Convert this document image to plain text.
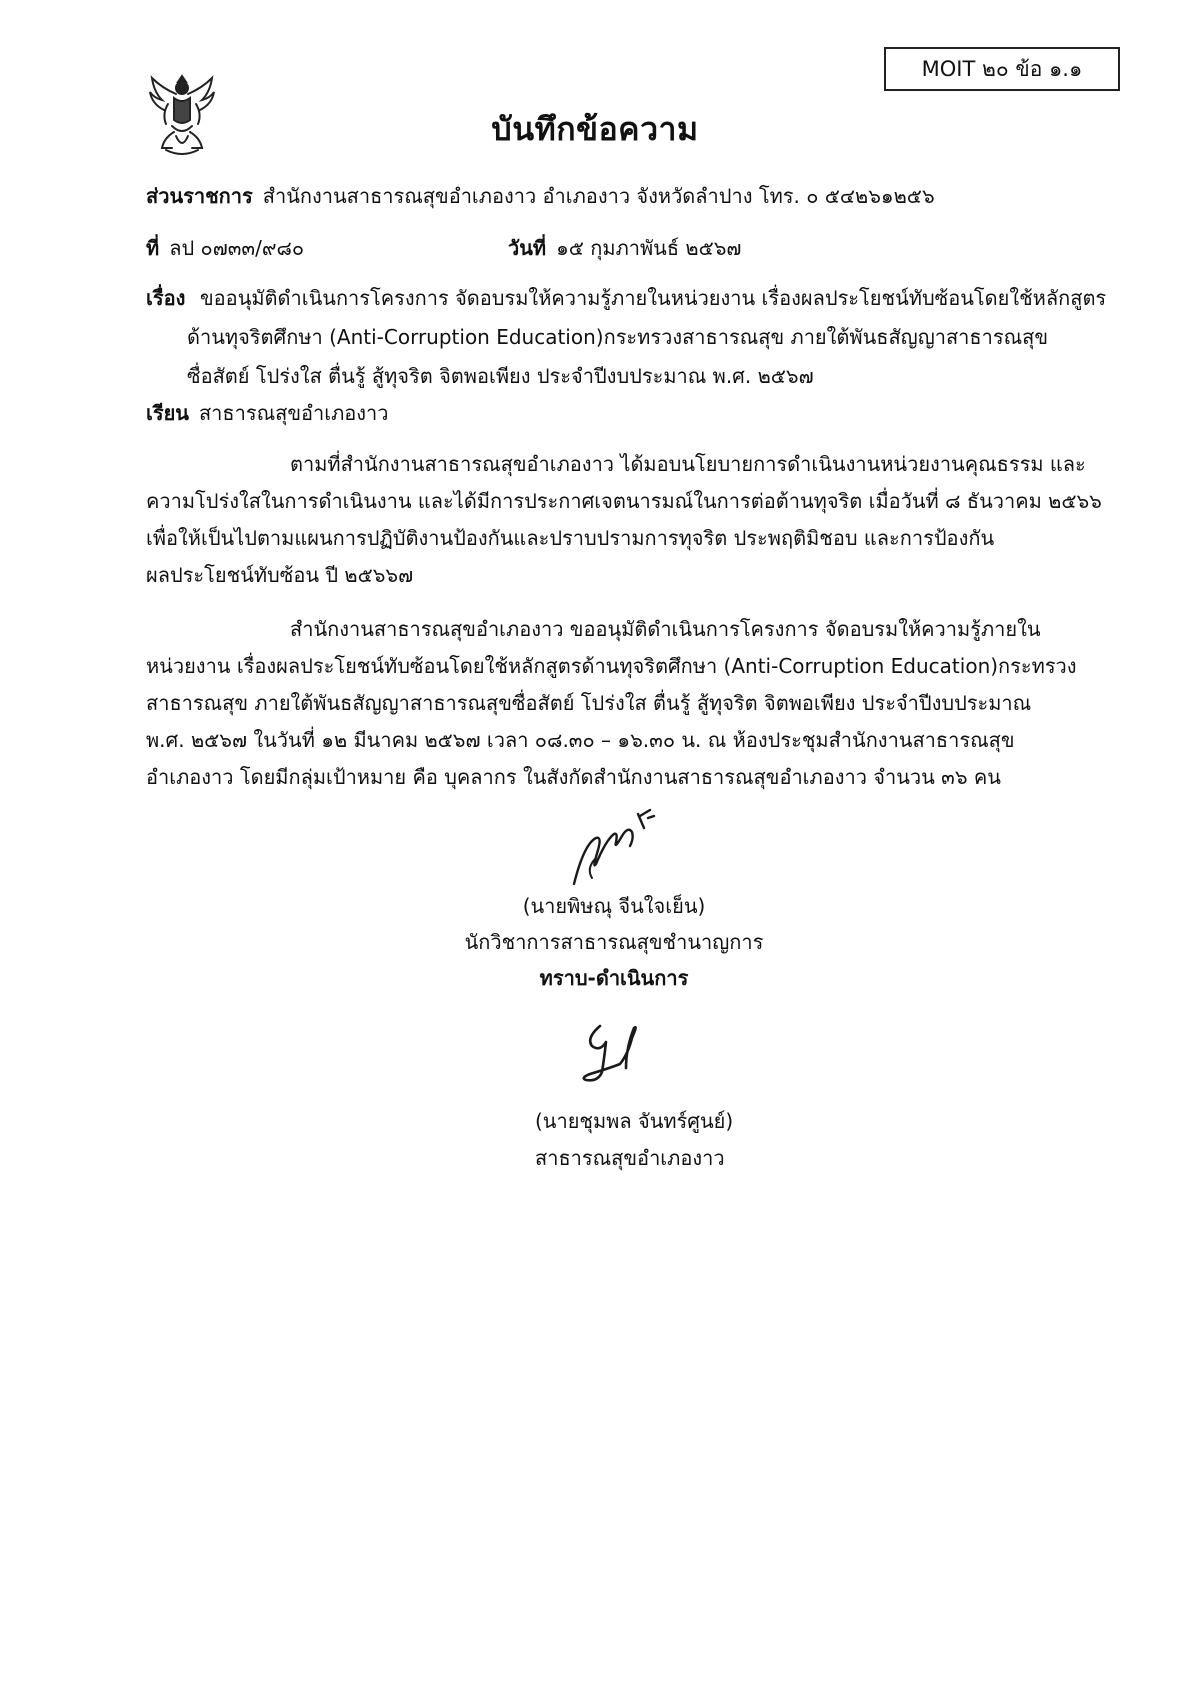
MOIT ๒๐ ข้อ ๑.๑
บันทึกข้อความ
ส่วนราชการ สำนักงานสาธารณสุขอำเภองาว อำเภองาว จังหวัดลำปาง โทร. ๐ ๕๔๒๖๑๒๕๖
ที่ ลป ๐๗๓๓/๙๘๐	วันที่ ๑๕ กุมภาพันธ์ ๒๕๖๗
เรื่อง ขออนุมัติดำเนินการโครงการ จัดอบรมให้ความรู้ภายในหน่วยงาน เรื่องผลประโยชน์ทับซ้อนโดยใช้หลักสูตร
ด้านทุจริตศึกษา (Anti-Corruption Education)กระทรวงสาธารณสุข ภายใต้พันธสัญญาสาธารณสุข
ซื่อสัตย์ โปร่งใส ตื่นรู้ สู้ทุจริต จิตพอเพียง ประจำปีงบประมาณ พ.ศ. ๒๕๖๗
เรียน สาธารณสุขอำเภองาว
ตามที่สำนักงานสาธารณสุขอำเภองาว ได้มอบนโยบายการดำเนินงานหน่วยงานคุณธรรม และ
ความโปร่งใสในการดำเนินงาน และได้มีการประกาศเจตนารมณ์ในการต่อต้านทุจริต เมื่อวันที่ ๘ ธันวาคม ๒๕๖๖
เพื่อให้เป็นไปตามแผนการปฏิบัติงานป้องกันและปราบปรามการทุจริต ประพฤติมิชอบ และการป้องกัน
ผลประโยชน์ทับซ้อน ปี ๒๕๖๖๗
สำนักงานสาธารณสุขอำเภองาว ขออนุมัติดำเนินการโครงการ จัดอบรมให้ความรู้ภายใน
หน่วยงาน เรื่องผลประโยชน์ทับซ้อนโดยใช้หลักสูตรด้านทุจริตศึกษา (Anti-Corruption Education)กระทรวง
สาธารณสุข ภายใต้พันธสัญญาสาธารณสุขซื่อสัตย์ โปร่งใส ตื่นรู้ สู้ทุจริต จิตพอเพียง ประจำปีงบประมาณ
พ.ศ. ๒๕๖๗ ในวันที่ ๑๒ มีนาคม ๒๕๖๗ เวลา ๐๘.๓๐ – ๑๖.๓๐ น. ณ ห้องประชุมสำนักงานสาธารณสุข
อำเภองาว โดยมีกลุ่มเป้าหมาย คือ บุคลากร ในสังกัดสำนักงานสาธารณสุขอำเภองาว จำนวน ๓๖ คน
(นายพิษณุ จีนใจเย็น)
นักวิชาการสาธารณสุขชำนาญการ
ทราบ-ดำเนินการ
(นายชุมพล จันทร์ศูนย์)
สาธารณสุขอำเภองาว
